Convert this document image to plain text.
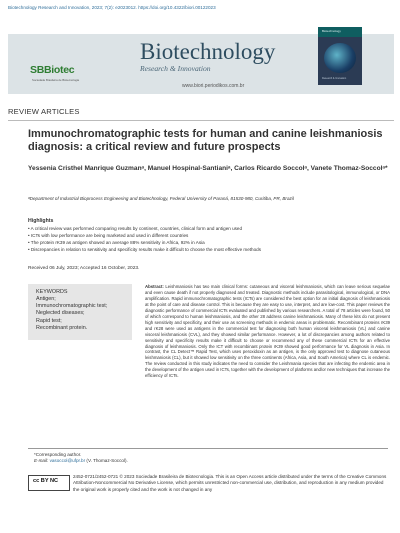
Biotechnology Research and Innovation, 2023; 7(2): e2023012. https://doi.org/10.4322/biori.00122023
SBBiotec
Sociedade Brasileira de Biotecnologia
Biotechnology
Research & Innovation
www.biori.periodikos.com.br
Biotechnology
Research & Innovation
REVIEW ARTICLES
Immunochromatographic tests for human and canine leishmaniosis diagnosis: a critical review and future prospects
Yessenia Cristhel Manrique Guzmanᵃ, Manuel Hospinal-Santianiᵃ, Carlos Ricardo Soccolᵃ, Vanete Thomaz-Soccolᵃ*
ᵃDepartment of Industrial Bioprocess Engineering and Biotechnology, Federal University of Paraná, 81530-980, Curitiba, PR, Brazil
Highlights
• A critical review was performed comparing results by continent, countries, clinical form and antigen used
• ICTs with low performance are being marketed and used in different countries
• The protein rK39 as antigen showed an average 88% sensitivity in Africa, 92% in Asia
• Discrepancies in relation to sensitivity and specificity results make it difficult to choose the most effective methods
Received 06 July, 2023; Accepted 16 October, 2023.
KEYWORDS
Antigen;
Immunochromatographic test;
Neglected diseases;
Rapid test;
Recombinant protein.
Abstract: Leishmaniosis has two main clinical forms: cutaneous and visceral leishmaniosis, which can leave serious sequelae and even cause death if not properly diagnosed and treated. Diagnostic methods include parasitological, immunological, or DNA amplification. Rapid immunochromatographic tests (ICTs) are considered the best option for an initial diagnosis of leishmaniosis at the point of care and disease control. This is because they are easy to use, interpret, and are low-cost. This paper reviews the diagnostic performance of commercial ICTs evaluated and published by various researchers. A total of 78 articles were found, 50 of which correspond to human leishmaniosis, and the other 28 address canine leishmaniosis. Many of these kits do not present high sensitivity and specificity, and their use as screening methods in endemic areas is problematic. Recombinant proteins rK39 and rK28 were used as antigens in the commercial test for diagnosing both human visceral leishmaniosis (VL) and canine visceral leishmaniosis (CVL), and they showed similar performance. However, a lot of discrepancies among authors related to sensitivity and specificity results make it difficult to choose or recommend any of these commercial ICTs for an effective diagnosis of leishmaniosis. Only the ICT with recombinant protein rK39 showed good performance for VL diagnosis in Asia. In contrast, the CL Detect™ Rapid Test, which uses peroxidoxin as an antigen, is the only approved test to diagnose cutaneous leishmaniosis (CL), but it showed low sensitivity on the three continents (Africa, Asia, and South America) where CL is endemic. The review conducted in this study indicates the need to consider the Leishmania species that are infecting the endemic area in the development of the antigen used in ICTs, together with the development of platforms and/or new techniques that increase the efficiency of ICTs.
*Corresponding author.
E-mail: vasoccol@ufpr.br (V. Thomaz-Soccol).
cc BY NC
2452-0721/2452-0721 © 2023 Sociedade Brasileira de Biotecnologia. This is an Open Access article distributed under the terms of the Creative Commons Attribution-Noncommercial No Derivative License, which permits unrestricted non-commercial use, distribution, and reproduction in any medium provided the original work is properly cited and the work is not changed in any
